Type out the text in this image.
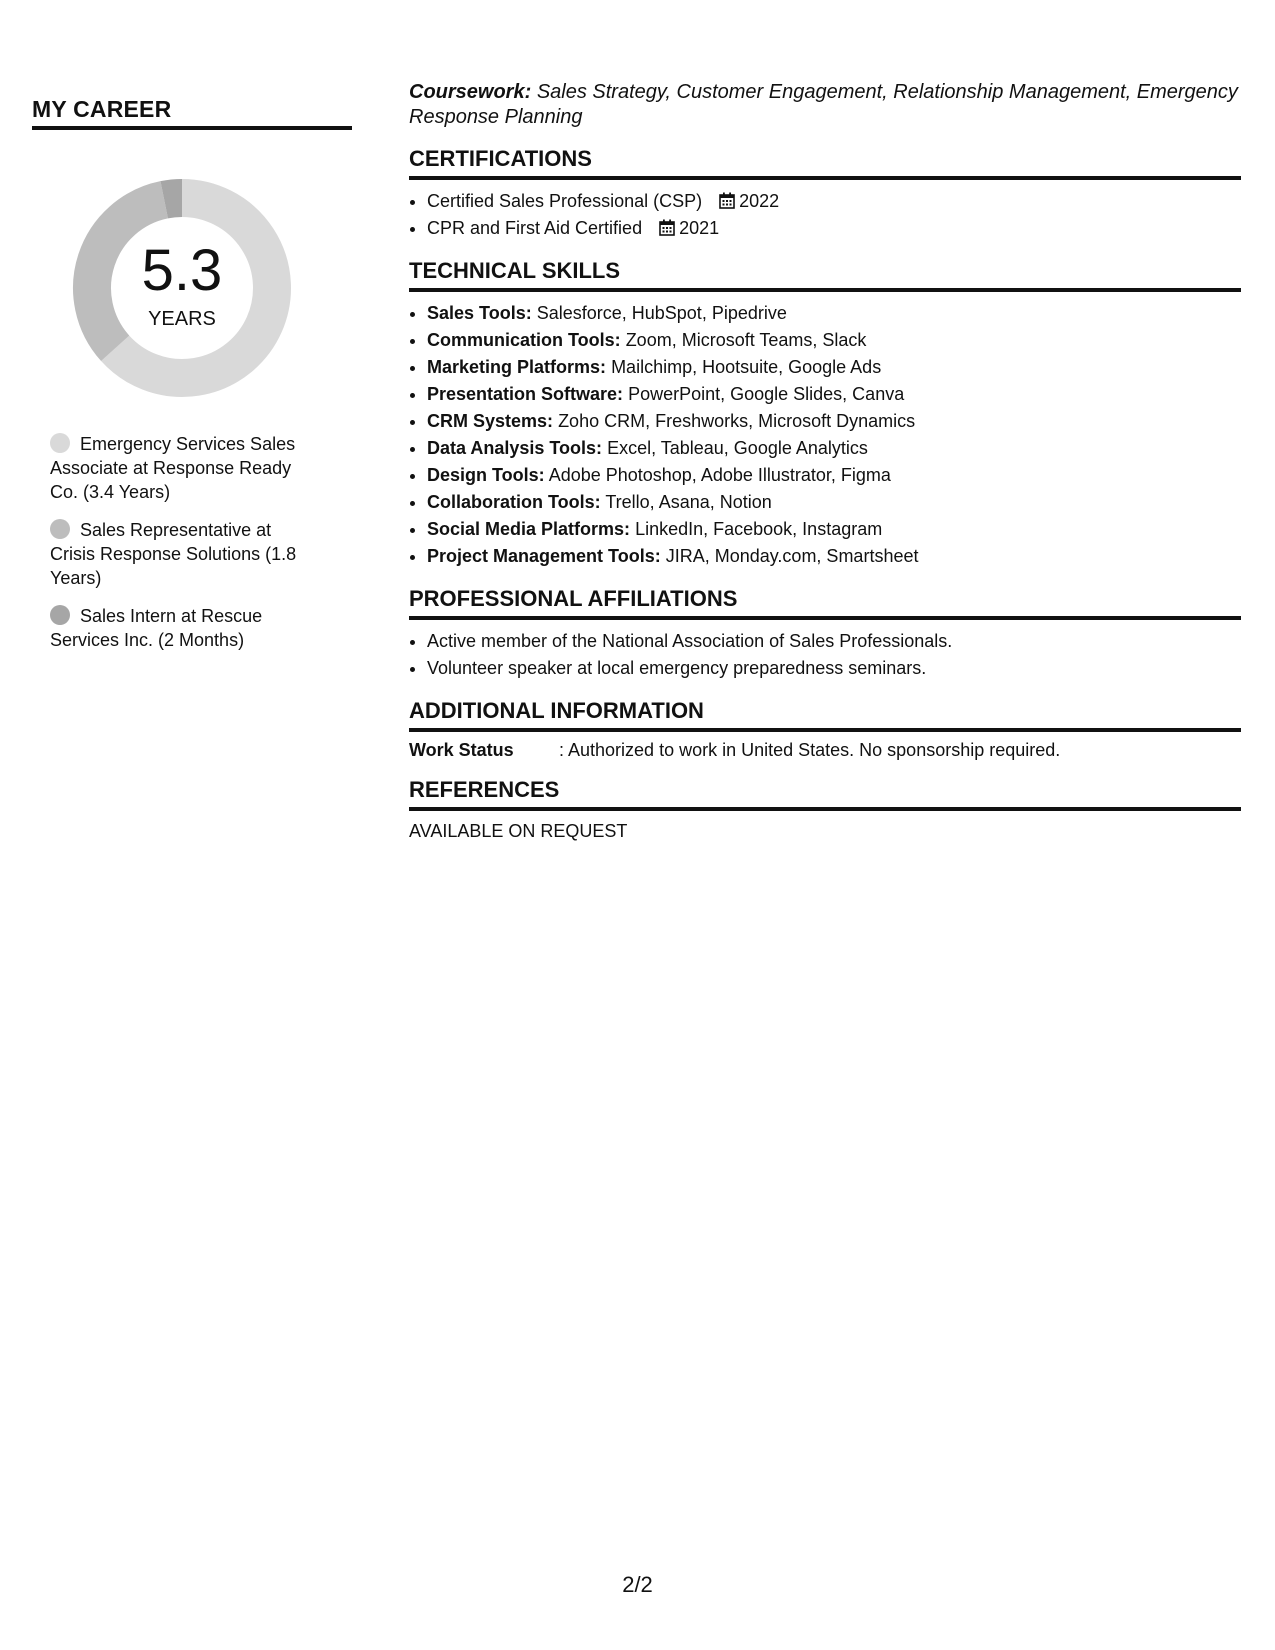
MY CAREER
5.3
YEARS
Emergency Services Sales Associate at Response Ready Co. (3.4 Years)
Sales Representative at Crisis Response Solutions (1.8 Years)
Sales Intern at Rescue Services Inc. (2 Months)

Coursework: Sales Strategy, Customer Engagement, Relationship Management, Emergency Response Planning

CERTIFICATIONS
• Certified Sales Professional (CSP) 2022
• CPR and First Aid Certified 2021
TECHNICAL SKILLS
• Sales Tools: Salesforce, HubSpot, Pipedrive
• Communication Tools: Zoom, Microsoft Teams, Slack
• Marketing Platforms: Mailchimp, Hootsuite, Google Ads
• Presentation Software: PowerPoint, Google Slides, Canva
• CRM Systems: Zoho CRM, Freshworks, Microsoft Dynamics
• Data Analysis Tools: Excel, Tableau, Google Analytics
• Design Tools: Adobe Photoshop, Adobe Illustrator, Figma
• Collaboration Tools: Trello, Asana, Notion
• Social Media Platforms: LinkedIn, Facebook, Instagram
• Project Management Tools: JIRA, Monday.com, Smartsheet
PROFESSIONAL AFFILIATIONS
• Active member of the National Association of Sales Professionals.
• Volunteer speaker at local emergency preparedness seminars.
ADDITIONAL INFORMATION
Work Status	: Authorized to work in United States. No sponsorship required.
REFERENCES
AVAILABLE ON REQUEST
2/2
